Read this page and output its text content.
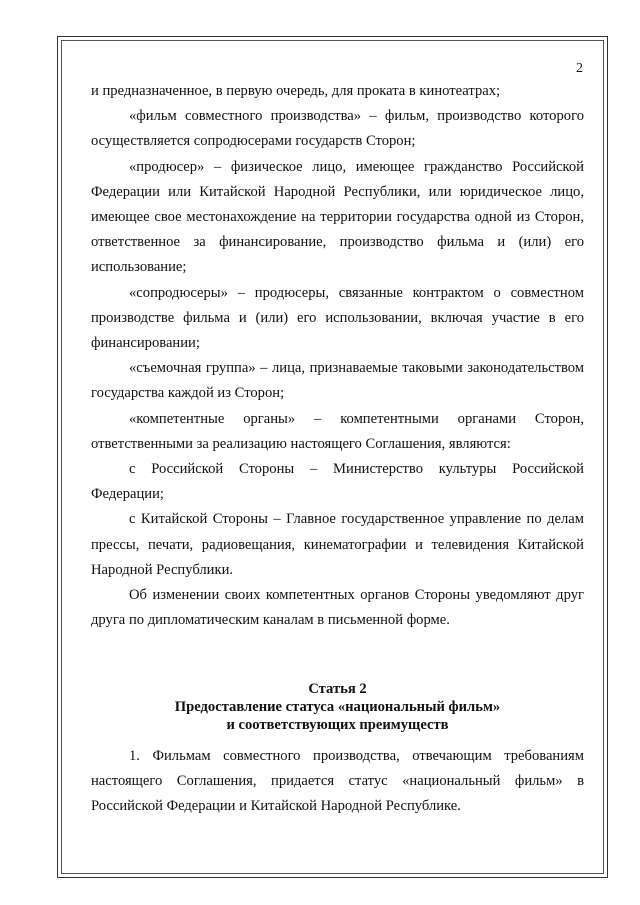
2

и предназначенное, в первую очередь, для проката в кинотеатрах;

«фильм совместного производства» – фильм, производство которого осуществляется сопродюсерами государств Сторон;

«продюсер» – физическое лицо, имеющее гражданство Российской Федерации или Китайской Народной Республики, или юридическое лицо, имеющее свое местонахождение на территории государства одной из Сторон, ответственное за финансирование, производство фильма и (или) его использование;

«сопродюсеры» – продюсеры, связанные контрактом о совместном производстве фильма и (или) его использовании, включая участие в его финансировании;

«съемочная группа» – лица, признаваемые таковыми законодательством государства каждой из Сторон;

«компетентные органы» – компетентными органами Сторон, ответственными за реализацию настоящего Соглашения, являются:

с Российской Стороны – Министерство культуры Российской Федерации;

с Китайской Стороны – Главное государственное управление по делам прессы, печати, радиовещания, кинематографии и телевидения Китайской Народной Республики.

Об изменении своих компетентных органов Стороны уведомляют друг друга по дипломатическим каналам в письменной форме.

Статья 2
Предоставление статуса «национальный фильм»
и соответствующих преимуществ

1. Фильмам совместного производства, отвечающим требованиям настоящего Соглашения, придается статус «национальный фильм» в Российской Федерации и Китайской Народной Республике.
